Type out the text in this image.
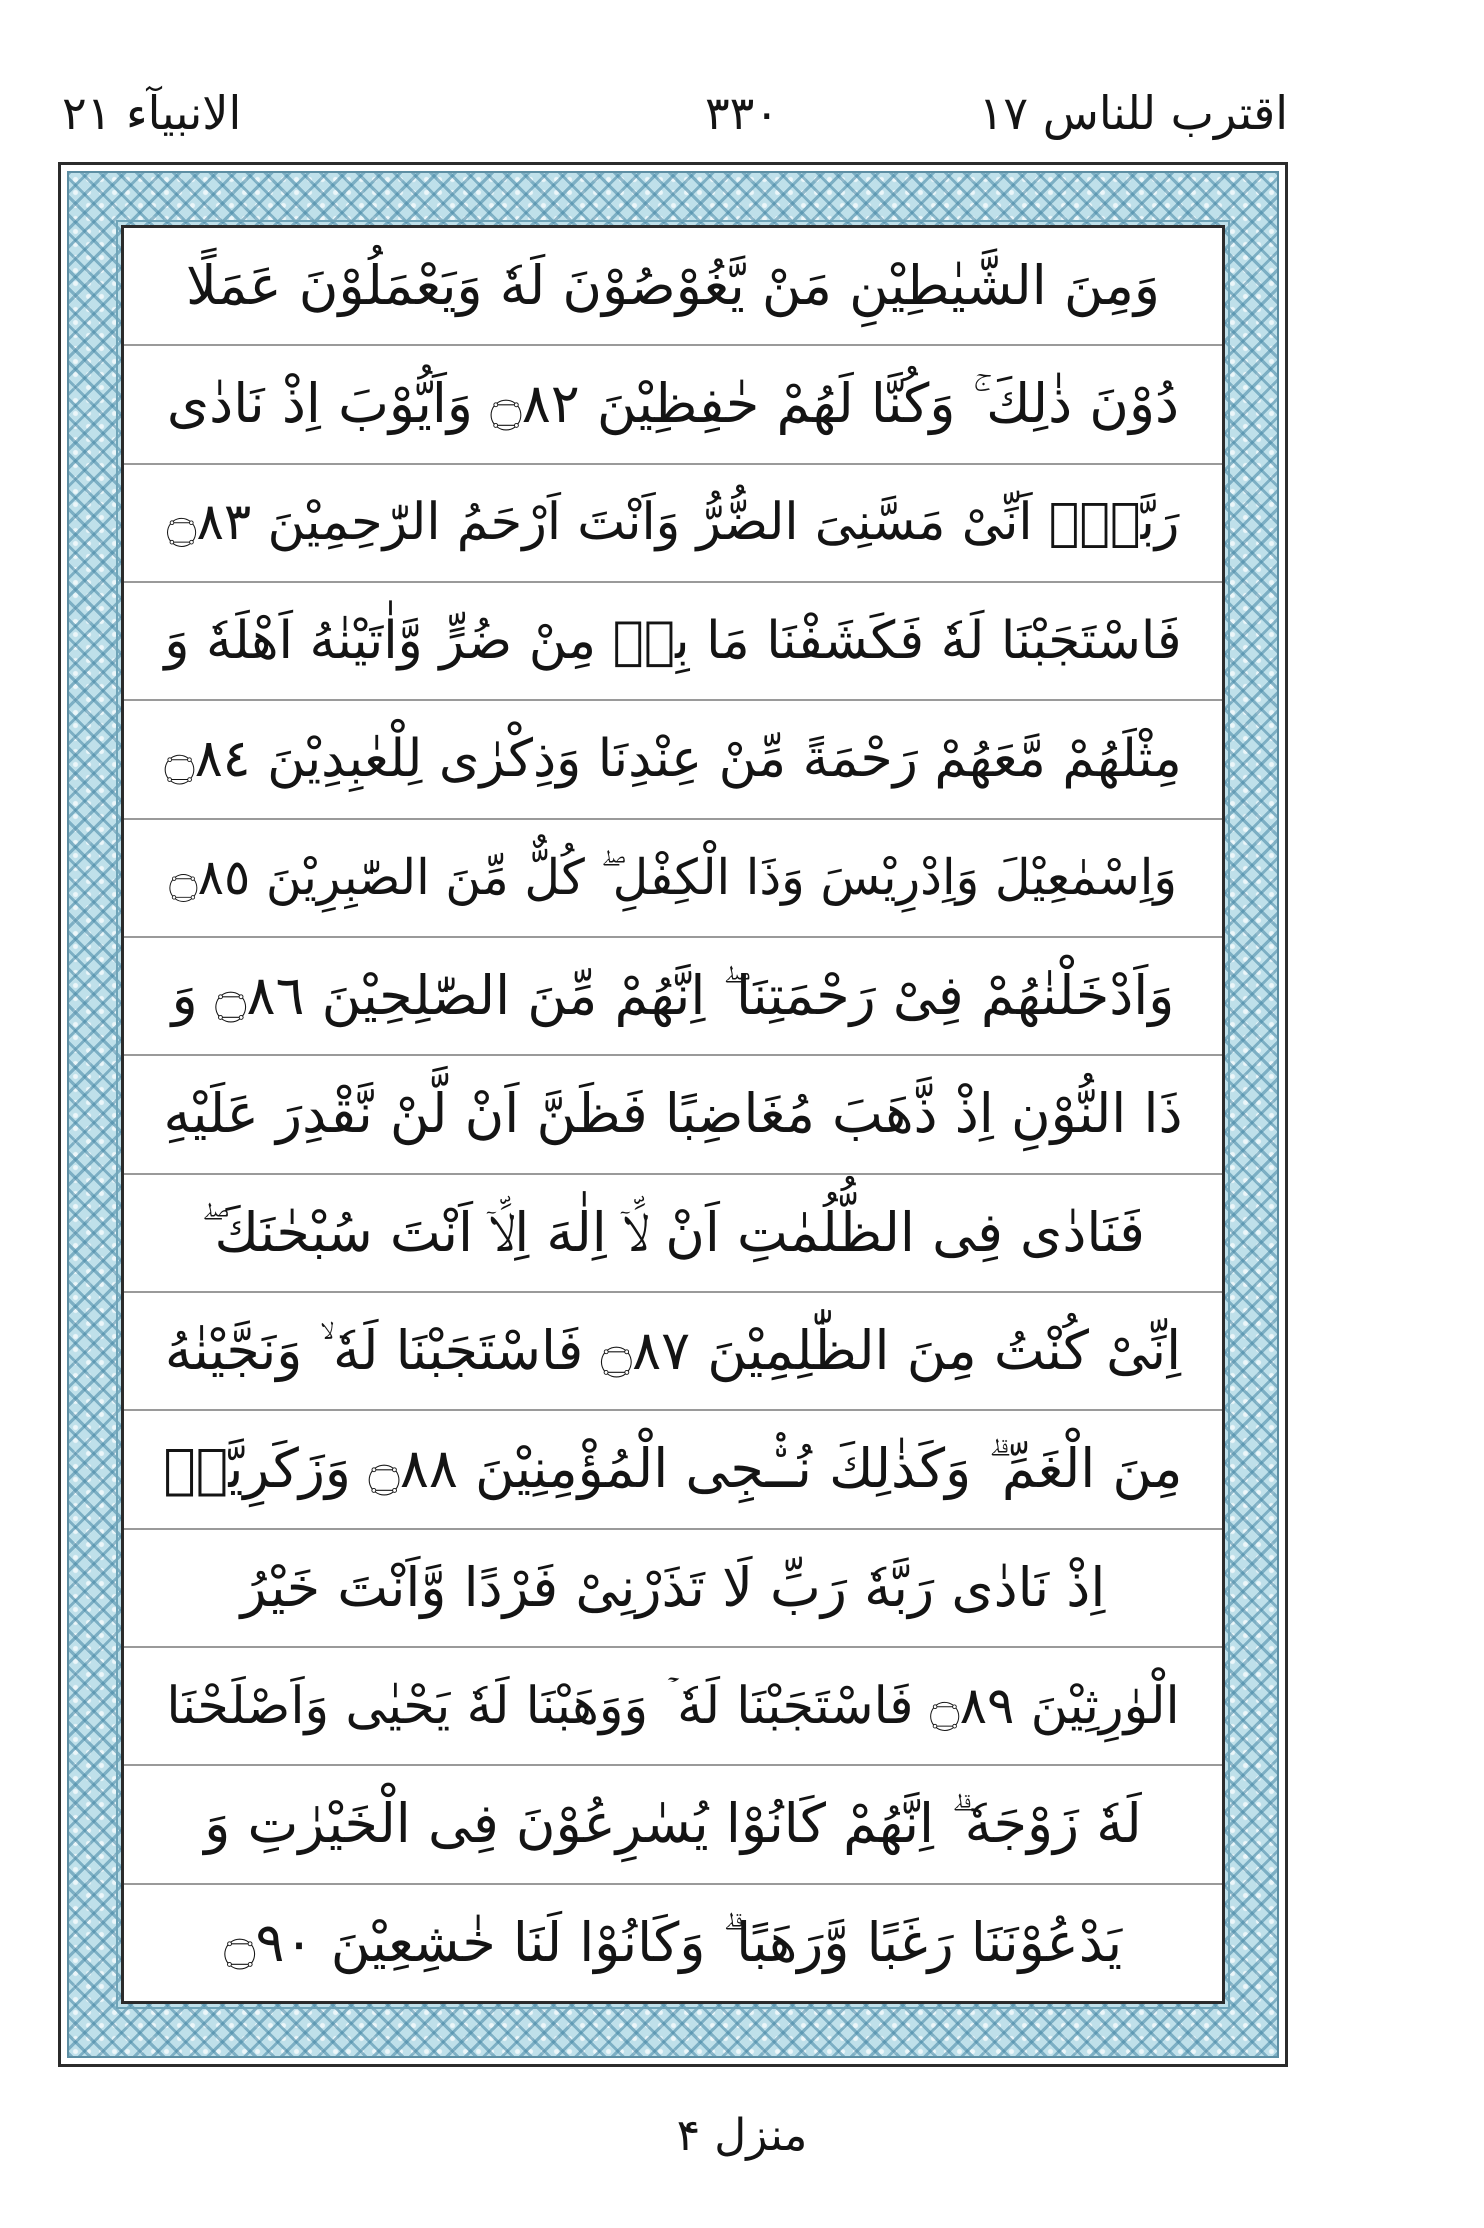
اقترب للناس ۱۷
۳۳۰
الانبیآء ۲۱
وَمِنَ الشَّيٰطِيْنِ مَنْ يَّغُوْصُوْنَ لَهٗ وَيَعْمَلُوْنَ عَمَلًا
دُوْنَ ذٰلِكَ ۚ وَكُنَّا لَهُمْ حٰفِظِيْنَ ۝٨٢ وَاَيُّوْبَ اِذْ نَادٰى
رَبَّهٗۤ اَنِّىْ مَسَّنِىَ الضُّرُّ وَاَنْتَ اَرْحَمُ الرّٰحِمِيْنَ ۝٨٣
فَاسْتَجَبْنَا لَهٗ فَكَشَفْنَا مَا بِهٖ مِنْ ضُرٍّ وَّاٰتَيْنٰهُ اَهْلَهٗ وَ
مِثْلَهُمْ مَّعَهُمْ رَحْمَةً مِّنْ عِنْدِنَا وَذِكْرٰى لِلْعٰبِدِيْنَ ۝٨٤
وَاِسْمٰعِيْلَ وَاِدْرِيْسَ وَذَا الْكِفْلِ ۖ كُلٌّ مِّنَ الصّٰبِرِيْنَ ۝٨٥
وَاَدْخَلْنٰهُمْ فِىْ رَحْمَتِنَا ۖ اِنَّهُمْ مِّنَ الصّٰلِحِيْنَ ۝٨٦ وَ
ذَا النُّوْنِ اِذْ ذَّهَبَ مُغَاضِبًا فَظَنَّ اَنْ لَّنْ نَّقْدِرَ عَلَيْهِ
فَنَادٰى فِى الظُّلُمٰتِ اَنْ لَّاۤ اِلٰهَ اِلَّاۤ اَنْتَ سُبْحٰنَكَ ۖ
اِنِّىْ كُنْتُ مِنَ الظّٰلِمِيْنَ ۝٨٧ فَاسْتَجَبْنَا لَهٗ ۙ وَنَجَّيْنٰهُ
مِنَ الْغَمِّ ۗ وَكَذٰلِكَ نُـْۨجِى الْمُؤْمِنِيْنَ ۝٨٨ وَزَكَرِيَّاۤ
اِذْ نَادٰى رَبَّهٗ رَبِّ لَا تَذَرْنِىْ فَرْدًا وَّاَنْتَ خَيْرُ
الْوٰرِثِيْنَ ۝٨٩ فَاسْتَجَبْنَا لَهٗ ۡ وَوَهَبْنَا لَهٗ يَحْيٰى وَاَصْلَحْنَا
لَهٗ زَوْجَهٗ ۗ اِنَّهُمْ كَانُوْا يُسٰرِعُوْنَ فِى الْخَيْرٰتِ وَ
يَدْعُوْنَنَا رَغَبًا وَّرَهَبًا ۗ وَكَانُوْا لَنَا خٰشِعِيْنَ ۝٩٠
منزل ۴
